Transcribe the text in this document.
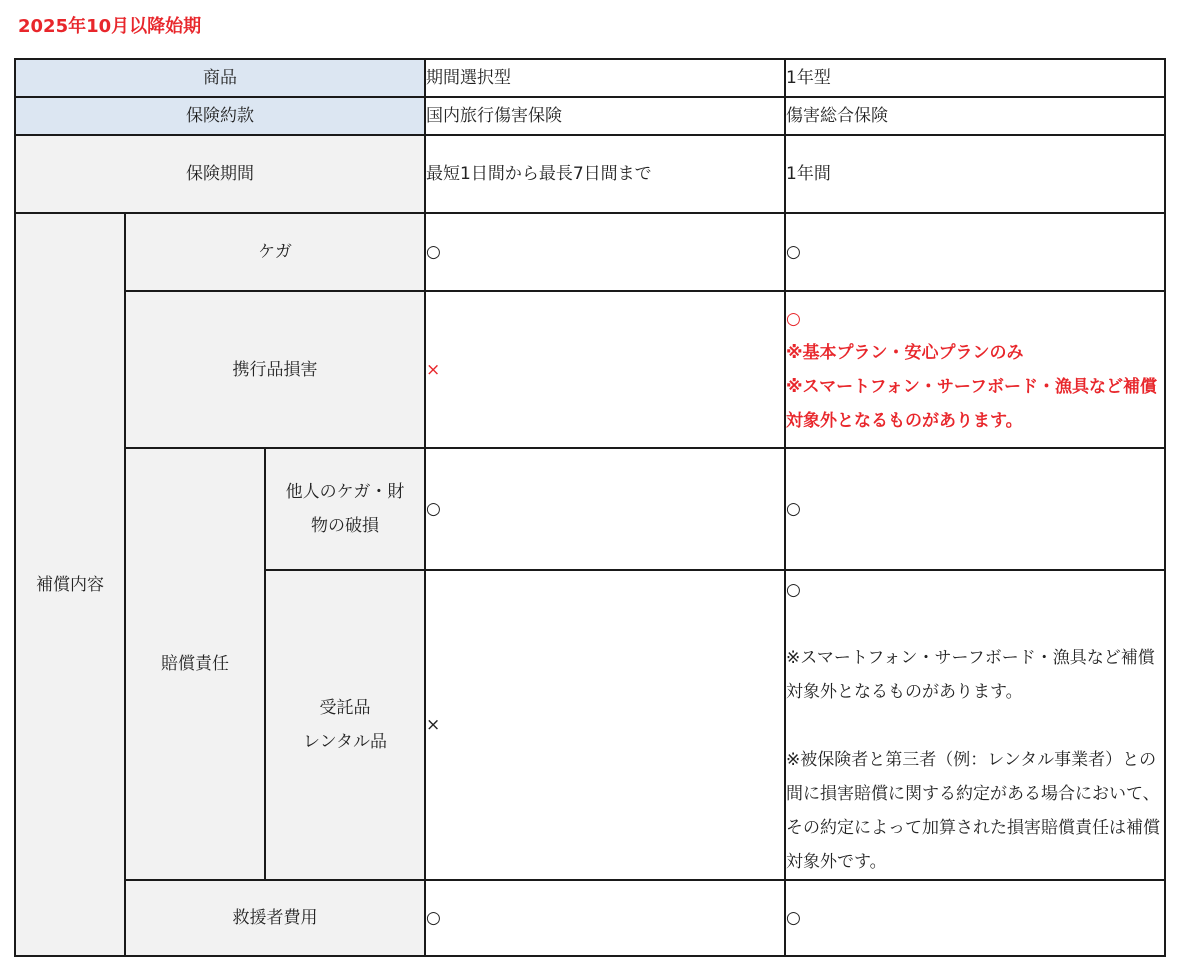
2025年10月以降始期
商品			期間選択型	1年型
保険約款			国内旅行傷害保険	傷害総合保険
保険期間			最短1日間から最長7日間まで	1年間
補償内容	ケガ		○	○
	携行品損害		×	○
※基本プラン・安心プランのみ
※スマートフォン・サーフボード・漁具など補償対象外となるものがあります。

	賠償責任	他人のケガ・財
物の破損	○	○

		受託品
レンタル品	×	○
※スマートフォン・サーフボード・漁具など補償対象外となるものがあります。
※被保険者と第三者（例：レンタル事業者）との間に損害賠償に関する約定がある場合において、その約定によって加算された損害賠償責任は補償対象外です。

	救援者費用		○	○
